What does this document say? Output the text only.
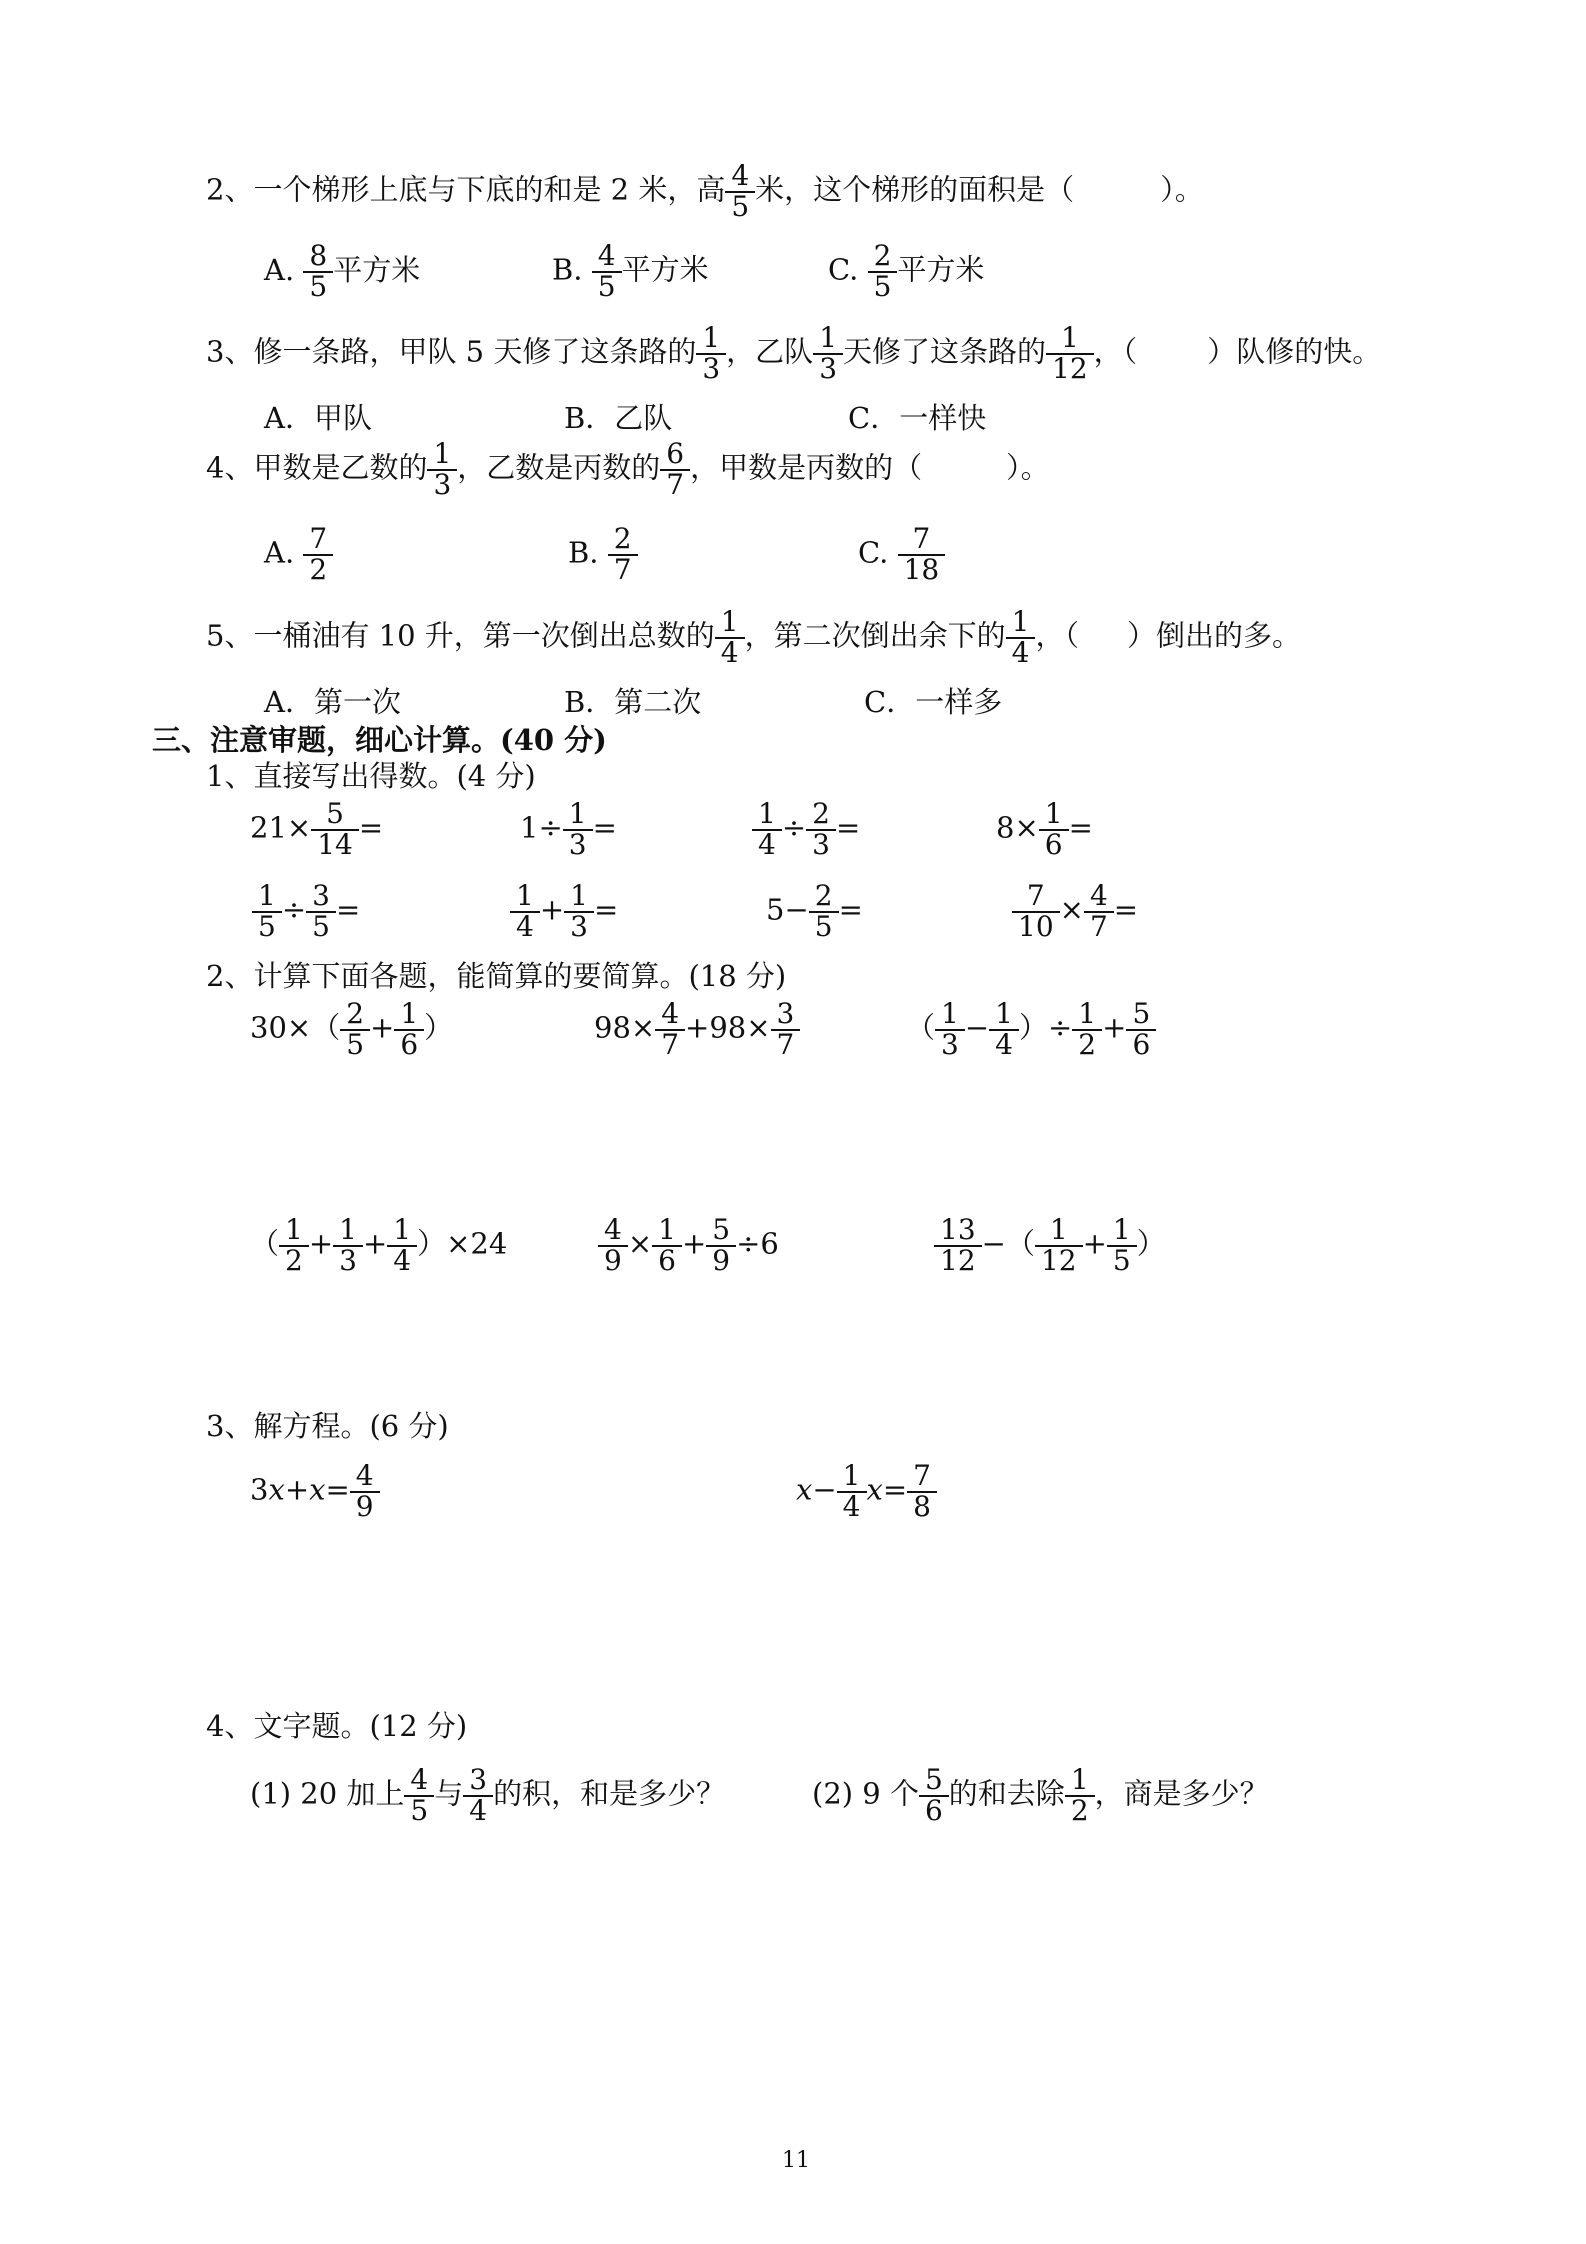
2、一个梯形上底与下底的和是 2 米，高 $\frac{4}{5}$ 米，这个梯形的面积是（	）。
A. $\frac{8}{5}$ 平方米	B. $\frac{4}{5}$ 平方米	C. $\frac{2}{5}$ 平方米
3、修一条路，甲队 5 天修了这条路的 $\frac{1}{3}$ ，乙队 $\frac{1}{3}$ 天修了这条路的 $\frac{1}{12}$ ，（ ）队修的快。
A．甲队	B．乙队	C．一样快
4、甲数是乙数的 $\frac{1}{3}$ ，乙数是丙数的 $\frac{6}{7}$ ，甲数是丙数的（	）。
A. $\frac{7}{2}$	B. $\frac{2}{7}$	C. $\frac{7}{18}$
5、一桶油有 10 升，第一次倒出总数的 $\frac{1}{4}$ ，第二次倒出余下的 $\frac{1}{4}$ ，（ ）倒出的多。
A．第一次	B．第二次	C．一样多
三、注意审题，细心计算。(40 分)
1、直接写出得数。(4 分)
$21\times \frac{5}{14}$ =	$1\div \frac{1}{3}$ =	$\frac{1}{4} \div \frac{2}{3}$ =	$8\times \frac{1}{6}$ =
$\frac{1}{5} \div \frac{3}{5}$ =	$\frac{1}{4} + \frac{1}{3}$ =	$5- \frac{2}{5}$ =	$\frac{7}{10} \times \frac{4}{7}$ =
2、计算下面各题，能简算的要简算。(18 分)
$30\times( \frac{2}{5} + \frac{1}{6}$ ）	$98\times \frac{4}{7} +98\times \frac{3}{7}$	（ $\frac{1}{3} - \frac{1}{4}$ ）÷ $\frac{1}{2} + \frac{5}{6}$
（ $\frac{1}{2} + \frac{1}{3} + \frac{1}{4} )\times 24$	$\frac{4}{9} \times \frac{1}{6} + \frac{5}{9} \div 6$	$\frac{13}{12}$ −（ $\frac{1}{12} + \frac{1}{5}$ ）
3、解方程。(6 分)
$3x+x= \frac{4}{9}$	$x- \frac{1}{4} x= \frac{7}{8}$
4、文字题。(12 分)
(1) 20 加上 $\frac{4}{5}$ 与 $\frac{3}{4}$ 的积，和是多少？	(2) 9 个 $\frac{5}{6}$ 的和去除 $\frac{1}{2}$ ，商是多少？
11
